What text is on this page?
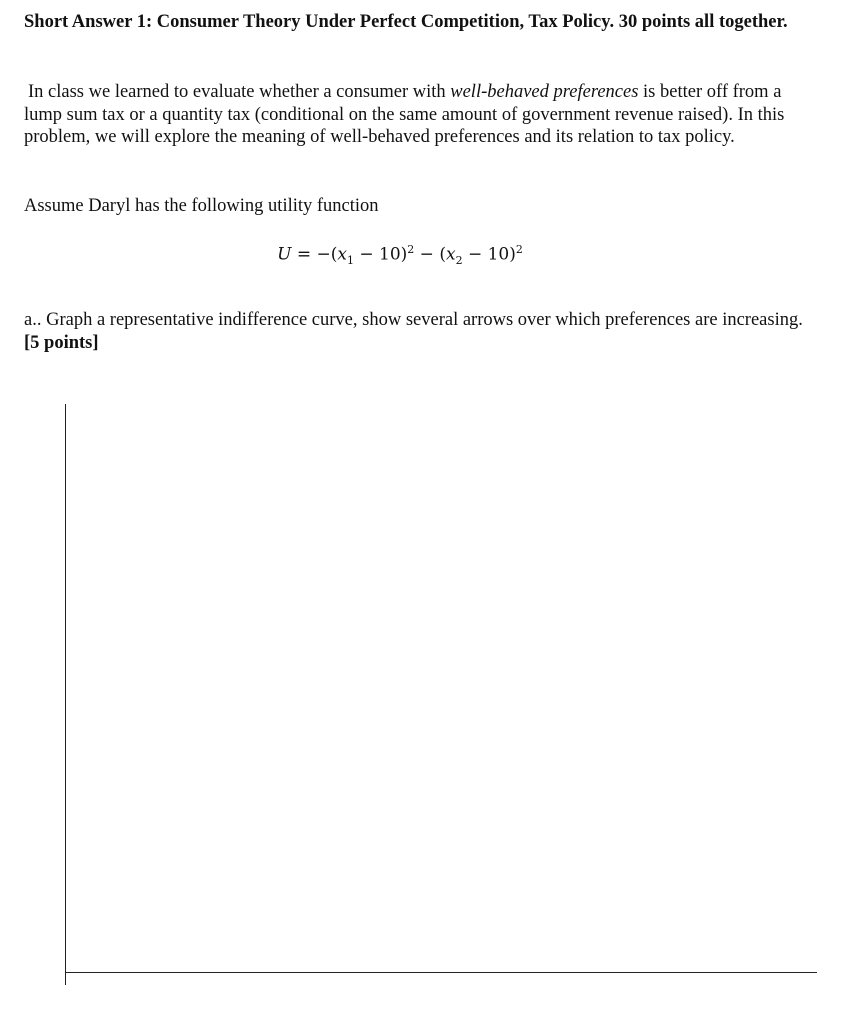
Short Answer 1: Consumer Theory Under Perfect Competition, Tax Policy. 30 points all together.
In class we learned to evaluate whether a consumer with well-behaved preferences is better off from a lump sum tax or a quantity tax (conditional on the same amount of government revenue raised). In this problem, we will explore the meaning of well-behaved preferences and its relation to tax policy.
Assume Daryl has the following utility function
$U = -(x_1 - 10)^2 - (x_2 - 10)^2$
a.. Graph a representative indifference curve, show several arrows over which preferences are increasing. [5 points]
